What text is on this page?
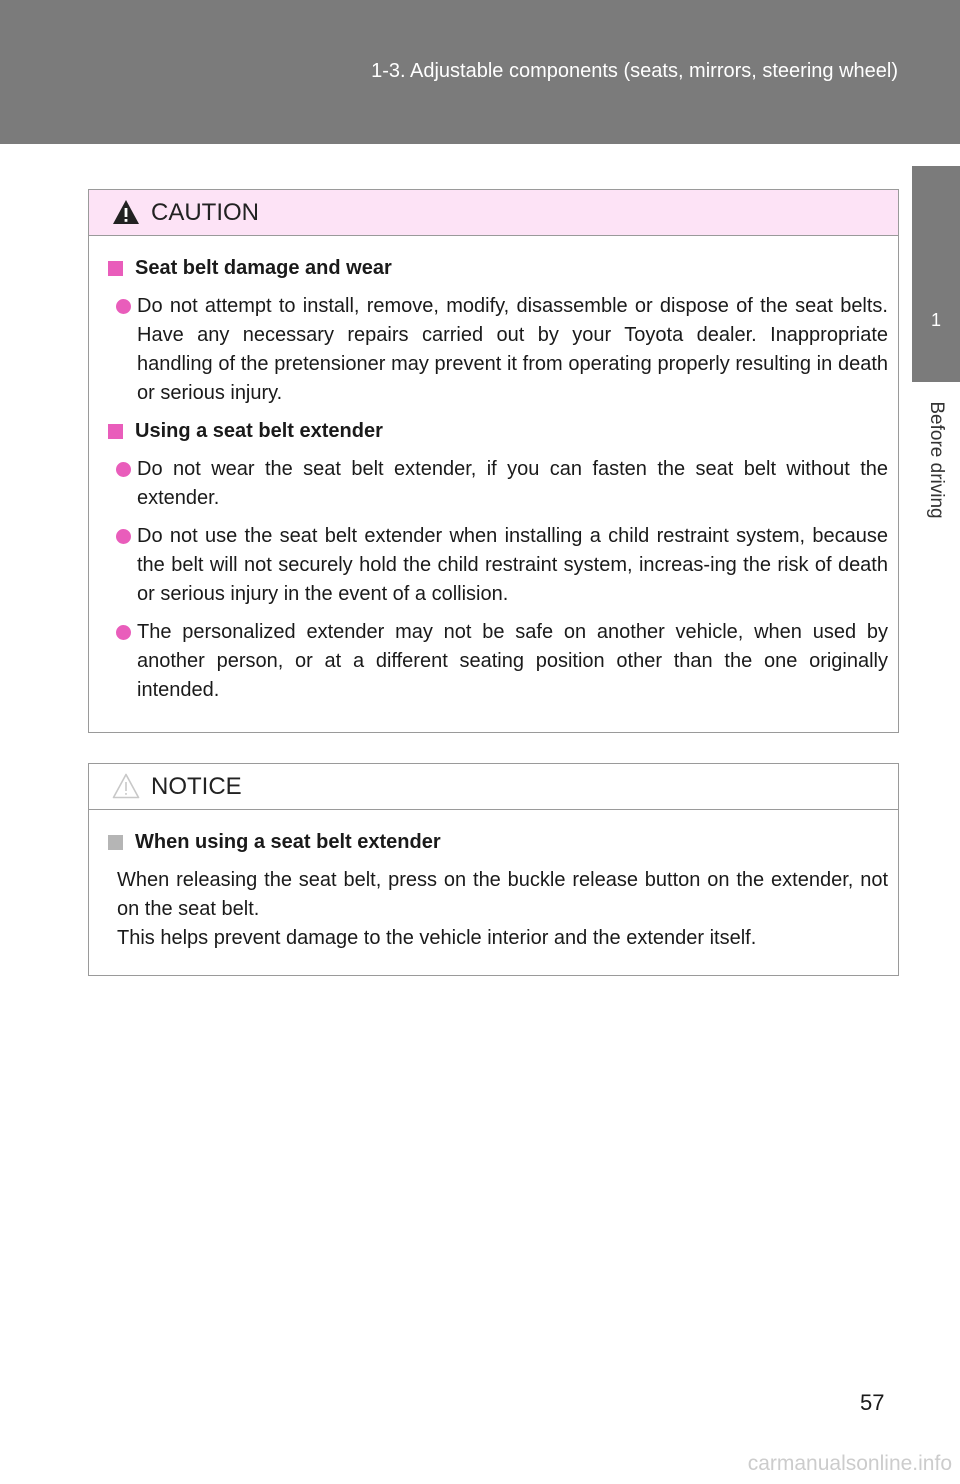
1-3. Adjustable components (seats, mirrors, steering wheel)
1
Before driving
CAUTION
Seat belt damage and wear
Do not attempt to install, remove, modify, disassemble or dispose of the seat belts. Have any necessary repairs carried out by your Toyota dealer. Inappropriate handling of the pretensioner may prevent it from operating properly resulting in death or serious injury.
Using a seat belt extender
Do not wear the seat belt extender, if you can fasten the seat belt without the extender.
Do not use the seat belt extender when installing a child restraint system, because the belt will not securely hold the child restraint system, increas-ing the risk of death or serious injury in the event of a collision.
The personalized extender may not be safe on another vehicle, when used by another person, or at a different seating position other than the one originally intended.
NOTICE
When using a seat belt extender
When releasing the seat belt, press on the buckle release button on the extender, not on the seat belt.
This helps prevent damage to the vehicle interior and the extender itself.
57
carmanualsonline.info
